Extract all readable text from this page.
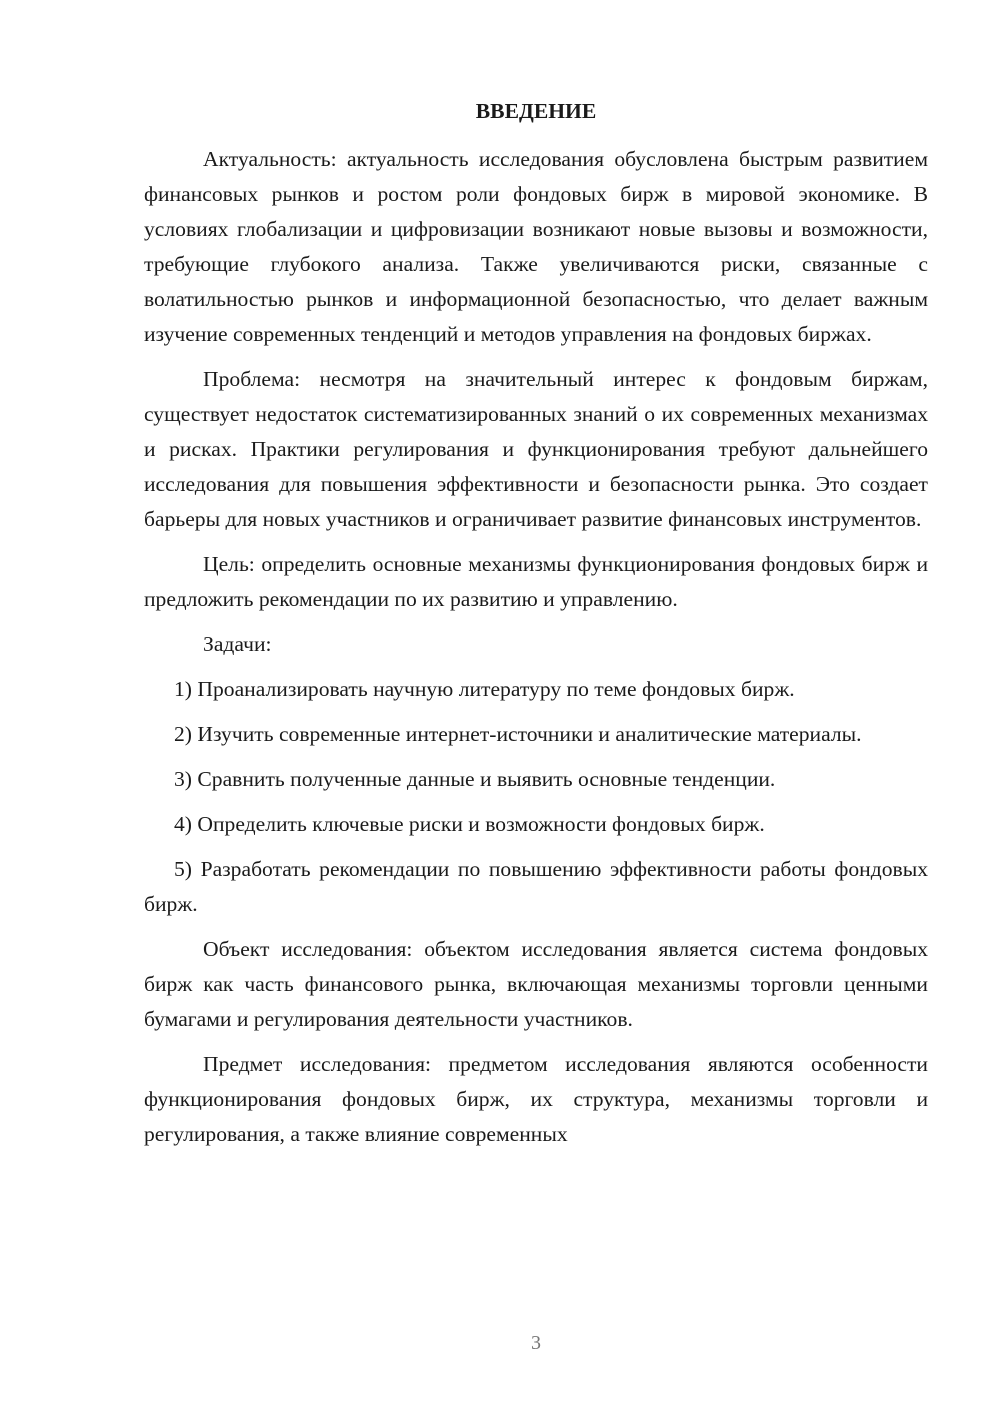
ВВЕДЕНИЕ

Актуальность: актуальность исследования обусловлена быстрым развитием финансовых рынков и ростом роли фондовых бирж в мировой экономике. В условиях глобализации и цифровизации возникают новые вызовы и возможности, требующие глубокого анализа. Также увеличиваются риски, связанные с волатильностью рынков и информационной безопасностью, что делает важным изучение современных тенденций и методов управления на фондовых биржах.

Проблема: несмотря на значительный интерес к фондовым биржам, существует недостаток систематизированных знаний о их современных механизмах и рисках. Практики регулирования и функционирования требуют дальнейшего исследования для повышения эффективности и безопасности рынка. Это создает барьеры для новых участников и ограничивает развитие финансовых инструментов.

Цель: определить основные механизмы функционирования фондовых бирж и предложить рекомендации по их развитию и управлению.

Задачи:

1) Проанализировать научную литературу по теме фондовых бирж.

2) Изучить современные интернет-источники и аналитические материалы.

3) Сравнить полученные данные и выявить основные тенденции.

4) Определить ключевые риски и возможности фондовых бирж.

5) Разработать рекомендации по повышению эффективности работы фондовых бирж.

Объект исследования: объектом исследования является система фондовых бирж как часть финансового рынка, включающая механизмы торговли ценными бумагами и регулирования деятельности участников.

Предмет исследования: предметом исследования являются особенности функционирования фондовых бирж, их структура, механизмы торговли и регулирования, а также влияние современных

3
